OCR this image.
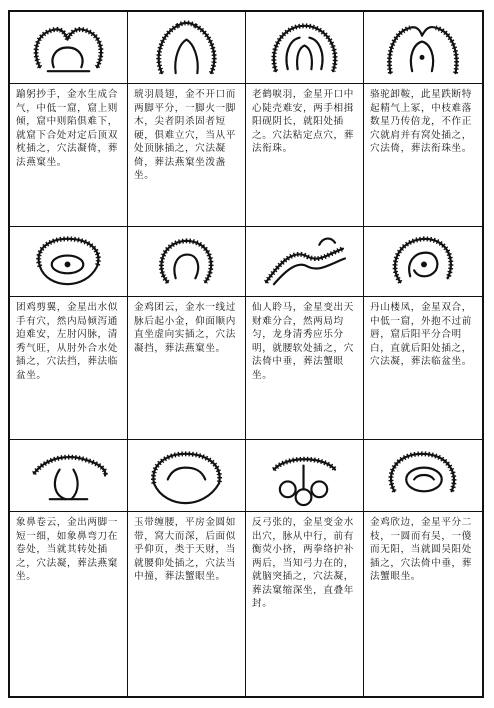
踰躬抄手，金水生成合气，中低一窟，窟上则倾，窟中则陷俱难下，就窟下合处对定后顶双枕插之，穴法凝倚，葬法燕窠坐。
琥羽晨翅，金不开口而两脚平分，一脚火一脚木，尖者阴杀固者短硬，俱难立穴，当从平处顶脉插之，穴法凝倚，葬法燕窠坐泼盏坐。
老鹤唳羽，金星开口中心陡壳难安，两手相揖阳砚阴长，就阳处插之。穴法粘定点穴，葬法衔珠。
骆驼卸鞍，此星跌断特起精气上冢，中枝难落数星乃传倍龙，不作正穴就肩并有窝处插之，穴法倚，葬法衔珠坐。
团鸡剪翼，金星出水似手有穴，然内局倾泻通迫难安，左肘闪脉，清秀气旺，从肘外合水处插之，穴法挡，葬法临盆坐。
金鸡团云，金水一线过脉后起小金，仰面顺内直坐虚向实插之，穴法凝挡，葬法燕窠坐。
仙人聆马，金星变出天财难分合，然两局均匀，龙身清秀应乐分明，就腰软处插之，穴法倚中垂，葬法蟹眼坐。
丹山楼凤，金星双合，中低一窟，外抱不过前唇，窟后阳平分合明白，直就后阳处插之，穴法凝，葬法临盆坐。
象鼻卷云，金出两脚一短一细，如象鼻弯刀在卷处，当就其转处插之，穴法凝，葬法燕窠坐。
玉带缠腰，平房金圆如带，窝大而深，后面似乎仰页，类于天财，当就腰仰处插之，穴法当中撞，葬法蟹眼坐。
反弓张的，金星变金水出穴，脉从中行，前有衡荧小挤，两拳络护补两后，当知弓力在的，就脑突插之，穴法凝，葬法窠缩深坐，直叠年封。
金鸡欣边，金星平分二枝，一圆而有吴，一傻而无阳，当就圆吴阳处插之，穴法倚中垂，葬法蟹眼坐。
